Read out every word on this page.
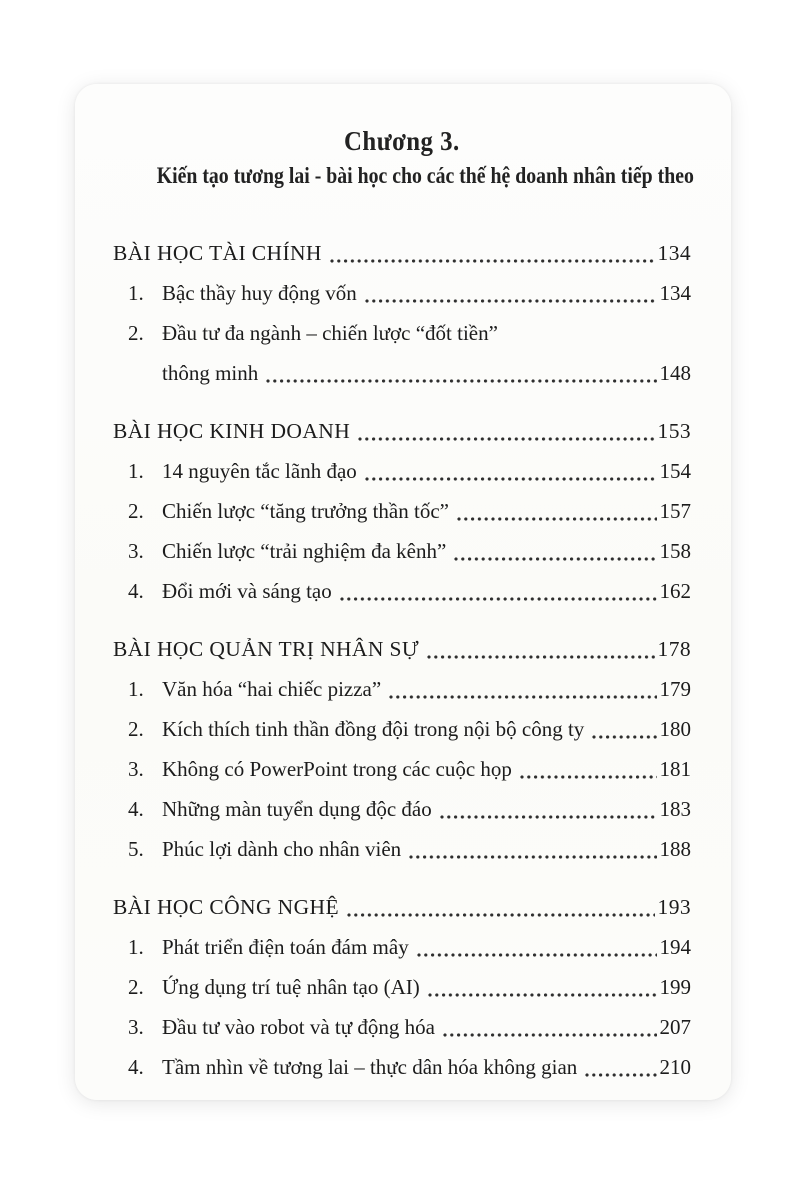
Chương 3.
Kiến tạo tương lai - bài học cho các thế hệ doanh nhân tiếp theo
BÀI HỌC TÀI CHÍNH	134
1. Bậc thầy huy động vốn	134
2. Đầu tư đa ngành – chiến lược “đốt tiền”
thông minh	148
BÀI HỌC KINH DOANH	153
1. 14 nguyên tắc lãnh đạo	154
2. Chiến lược “tăng trưởng thần tốc”	157
3. Chiến lược “trải nghiệm đa kênh”	158
4. Đổi mới và sáng tạo	162
BÀI HỌC QUẢN TRỊ NHÂN SỰ	178
1. Văn hóa “hai chiếc pizza”	179
2. Kích thích tinh thần đồng đội trong nội bộ công ty	180
3. Không có PowerPoint trong các cuộc họp	181
4. Những màn tuyển dụng độc đáo	183
5. Phúc lợi dành cho nhân viên	188
BÀI HỌC CÔNG NGHỆ	193
1. Phát triển điện toán đám mây	194
2. Ứng dụng trí tuệ nhân tạo (AI)	199
3. Đầu tư vào robot và tự động hóa	207
4. Tầm nhìn về tương lai – thực dân hóa không gian	210
